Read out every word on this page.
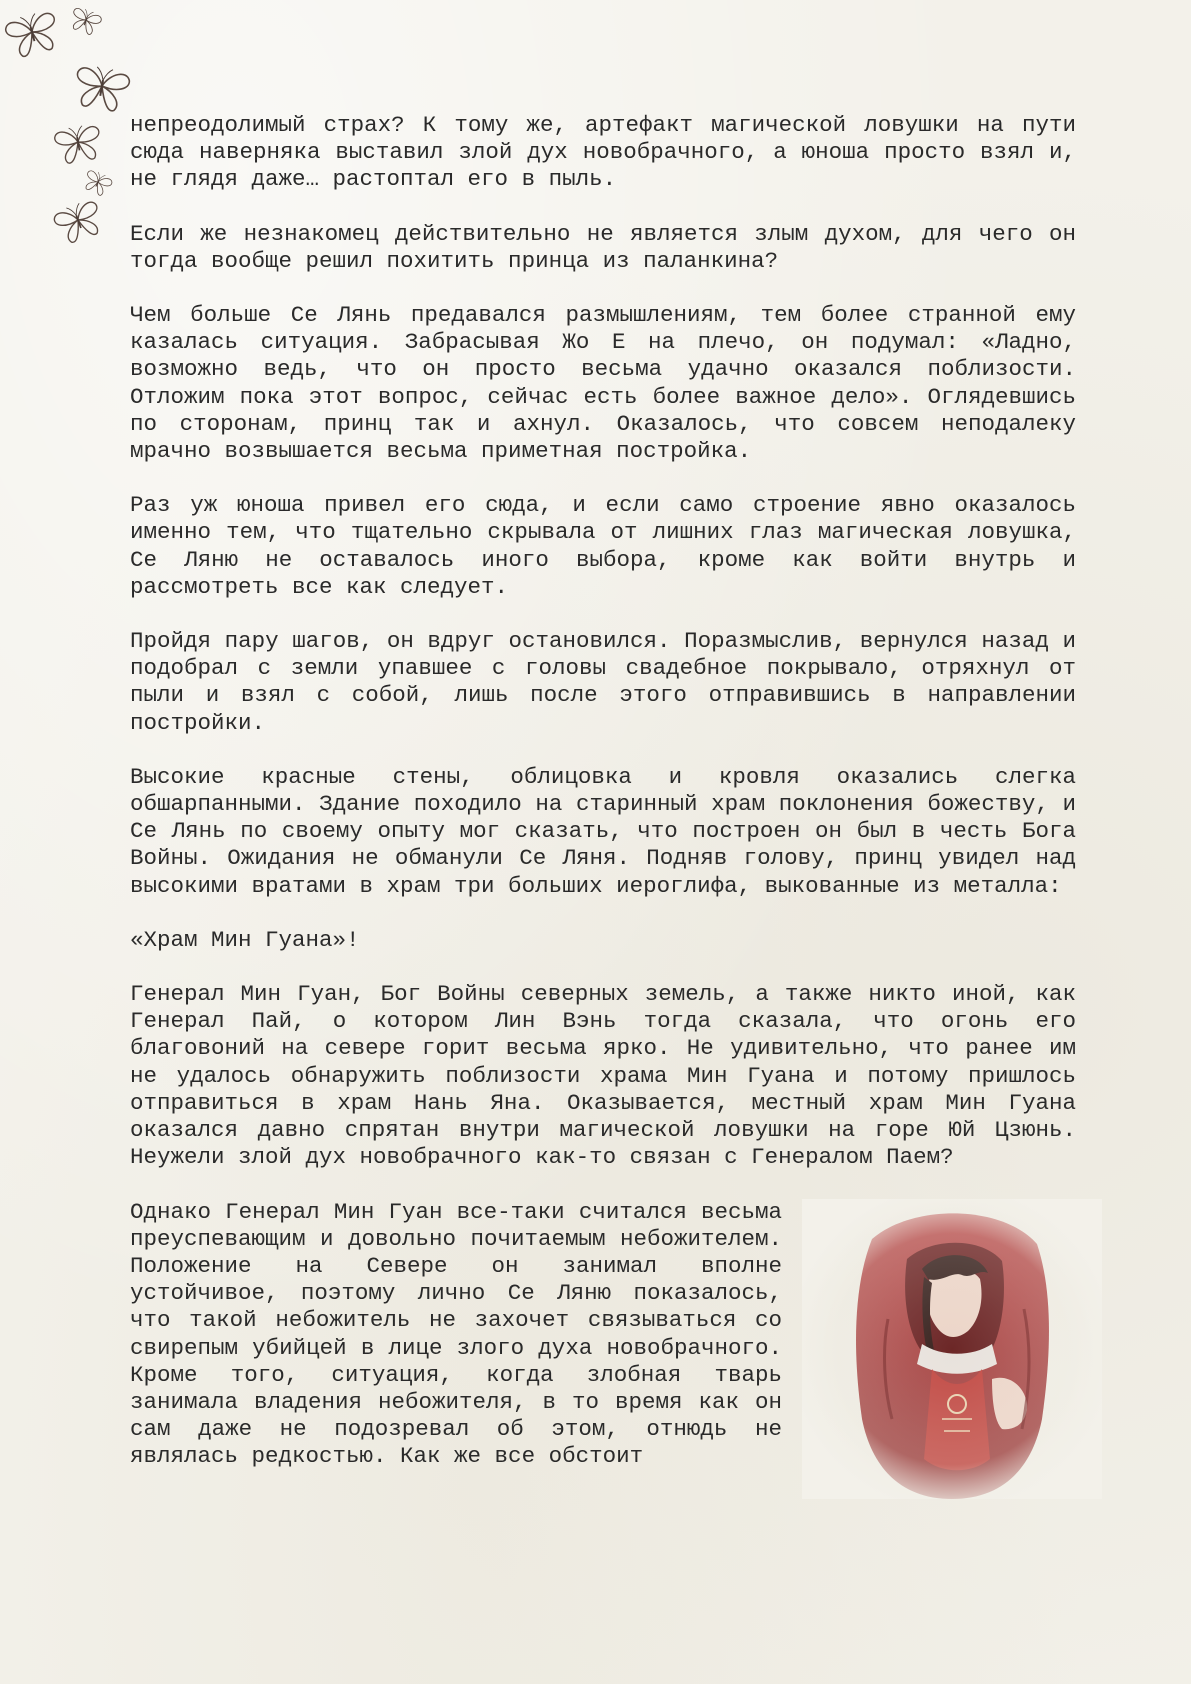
непреодолимый страх? К тому же, артефакт магической ловушки на пути сюда наверняка выставил злой дух новобрачного, а юноша просто взял и, не глядя даже… растоптал его в пыль.

Если же незнакомец действительно не является злым духом, для чего он тогда вообще решил похитить принца из паланкина?

Чем больше Се Лянь предавался размышлениям, тем более странной ему казалась ситуация. Забрасывая Жо Е на плечо, он подумал: «Ладно, возможно ведь, что он просто весьма удачно оказался поблизости. Отложим пока этот вопрос, сейчас есть более важное дело». Оглядевшись по сторонам, принц так и ахнул. Оказалось, что совсем неподалеку мрачно возвышается весьма приметная постройка.

Раз уж юноша привел его сюда, и если само строение явно оказалось именно тем, что тщательно скрывала от лишних глаз магическая ловушка, Се Ляню не оставалось иного выбора, кроме как войти внутрь и рассмотреть все как следует.

Пройдя пару шагов, он вдруг остановился. Поразмыслив, вернулся назад и подобрал с земли упавшее с головы свадебное покрывало, отряхнул от пыли и взял с собой, лишь после этого отправившись в направлении постройки.

Высокие красные стены, облицовка и кровля оказались слегка обшарпанными. Здание походило на старинный храм поклонения божеству, и Се Лянь по своему опыту мог сказать, что построен он был в честь Бога Войны. Ожидания не обманули Се Ляня. Подняв голову, принц увидел над высокими вратами в храм три больших иероглифа, выкованные из металла:

«Храм Мин Гуана»!

Генерал Мин Гуан, Бог Войны северных земель, а также никто иной, как Генерал Пай, о котором Лин Вэнь тогда сказала, что огонь его благовоний на севере горит весьма ярко. Не удивительно, что ранее им не удалось обнаружить поблизости храма Мин Гуана и потому пришлось отправиться в храм Нань Яна. Оказывается, местный храм Мин Гуана оказался давно спрятан внутри магической ловушки на горе Юй Цзюнь. Неужели злой дух новобрачного как-то связан с Генералом Паем?

Однако Генерал Мин Гуан все-таки считался весьма преуспевающим и довольно почитаемым небожителем. Положение на Севере он занимал вполне устойчивое, поэтому лично Се Ляню показалось, что такой небожитель не захочет связываться со свирепым убийцей в лице злого духа новобрачного. Кроме того, ситуация, когда злобная тварь занимала владения небожителя, в то время как он сам даже не подозревал об этом, отнюдь не являлась редкостью. Как же все обстоит
